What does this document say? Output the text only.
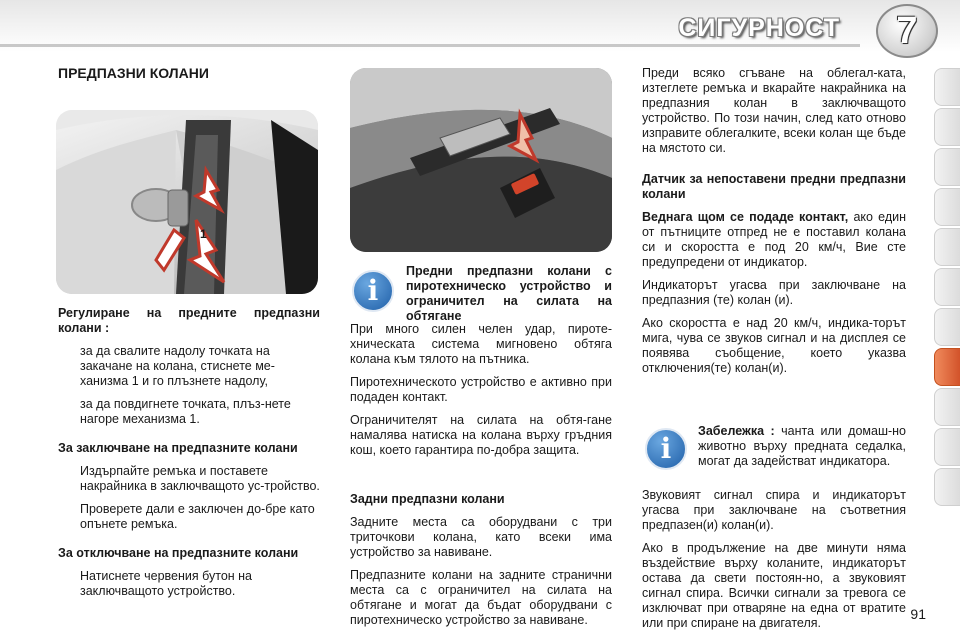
СИГУРНОСТ	7
ПРЕДПАЗНИ КОЛАНИ
1

Регулиране на предните предпазни колани :

за да свалите надолу точката на закачане на колана, стиснете ме-ханизма 1 и го плъзнете надолу,
за да повдигнете точката, плъз-нете нагоре механизма 1.

За заключване на предпазните колани

Издърпайте ремъка и поставете накрайника в заключващото ус-тройство.
Проверете дали е заключен до-бре като опънете ремъка.

За отключване на предпазните колани

Натиснете червения бутон на заключващото устройство.
i

Предни предпазни колани с пиротехническо устройство и ограничител на силата на обтягане

При много силен челен удар, пироте-хническата система мигновено обтяга колана към тялото на пътника.

Пиротехническото устройство е активно при подаден контакт.

Ограничителят на силата на обтя-гане намалява натиска на колана върху гръдния кош, което гарантира по-добра защита.

Задни предпазни колани

Задните места са оборудвани с три триточкови колана, като всеки има устройство за навиване.

Предпазните колани на задните странични места са с ограничител на силата на обтягане и могат да бъдат оборудвани с пиротехническо устройство за навиване.

Преди всяко сгъване на облегал-ката, изтеглете ремъка и вкарайте накрайника на предпазния колан в заключващото устройство. По този начин, след като отново изправите облегалките, всеки колан ще бъде на мястото си.

Датчик за непоставени предни предпазни колани

Веднага щом се подаде контакт, ако един от пътниците отпред не е поставил колана си и скоростта е под 20 км/ч, Вие сте предупредени от индикатор.

Индикаторът угасва при заключване на предпазния (те) колан (и).

Ако скоростта е над 20 км/ч, индика-торът мига, чува се звуков сигнал и на дисплея се появява съобщение, което указва отключения(те) колан(и).

i

Забележка : чанта или домаш-но животно върху предната седалка, могат да задействат индикатора.

Звуковият сигнал спира и индикаторът угасва при заключване на съответния предпазен(и) колан(и).

Ако в продължение на две минути няма въздействие върху коланите, индикаторът остава да свети постоян-но, а звуковият сигнал спира. Всички сигнали за тревога се изключват при отваряне на една от вратите или при спиране на двигателя.

91
